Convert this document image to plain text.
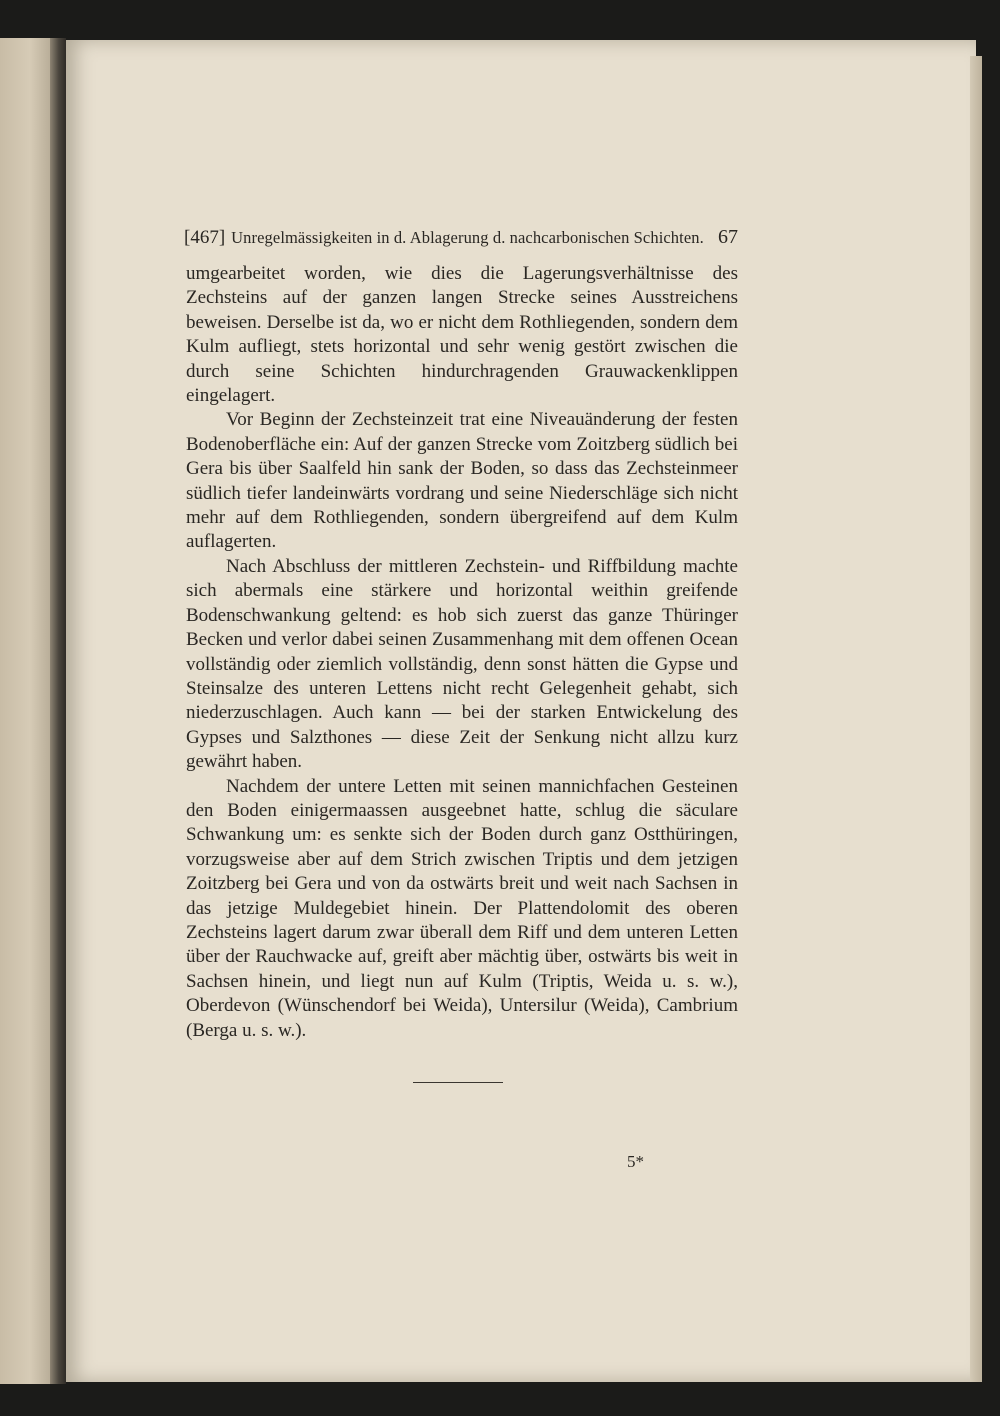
[467] Unregelmässigkeiten in d. Ablagerung d. nachcarbonischen Schichten. 67

umgearbeitet worden, wie dies die Lagerungsverhältnisse des Zechsteins auf der ganzen langen Strecke seines Ausstreichens beweisen. Derselbe ist da, wo er nicht dem Rothliegenden, sondern dem Kulm aufliegt, stets horizontal und sehr wenig gestört zwischen die durch seine Schichten hindurchragenden Grauwackenklippen eingelagert.

Vor Beginn der Zechsteinzeit trat eine Niveauänderung der festen Bodenoberfläche ein: Auf der ganzen Strecke vom Zoitzberg südlich bei Gera bis über Saalfeld hin sank der Boden, so dass das Zechsteinmeer südlich tiefer landeinwärts vordrang und seine Niederschläge sich nicht mehr auf dem Rothliegenden, sondern übergreifend auf dem Kulm auflagerten.

Nach Abschluss der mittleren Zechstein- und Riffbildung machte sich abermals eine stärkere und horizontal weithin greifende Bodenschwankung geltend: es hob sich zuerst das ganze Thüringer Becken und verlor dabei seinen Zusammenhang mit dem offenen Ocean vollständig oder ziemlich vollständig, denn sonst hätten die Gypse und Steinsalze des unteren Lettens nicht recht Gelegenheit gehabt, sich niederzuschlagen. Auch kann — bei der starken Entwickelung des Gypses und Salzthones — diese Zeit der Senkung nicht allzu kurz gewährt haben.

Nachdem der untere Letten mit seinen mannichfachen Gesteinen den Boden einigermaassen ausgeebnet hatte, schlug die säculare Schwankung um: es senkte sich der Boden durch ganz Ostthüringen, vorzugsweise aber auf dem Strich zwischen Triptis und dem jetzigen Zoitzberg bei Gera und von da ostwärts breit und weit nach Sachsen in das jetzige Muldegebiet hinein. Der Plattendolomit des oberen Zechsteins lagert darum zwar überall dem Riff und dem unteren Letten über der Rauchwacke auf, greift aber mächtig über, ostwärts bis weit in Sachsen hinein, und liegt nun auf Kulm (Triptis, Weida u. s. w.), Oberdevon (Wünschendorf bei Weida), Untersilur (Weida), Cambrium (Berga u. s. w.).

5*
